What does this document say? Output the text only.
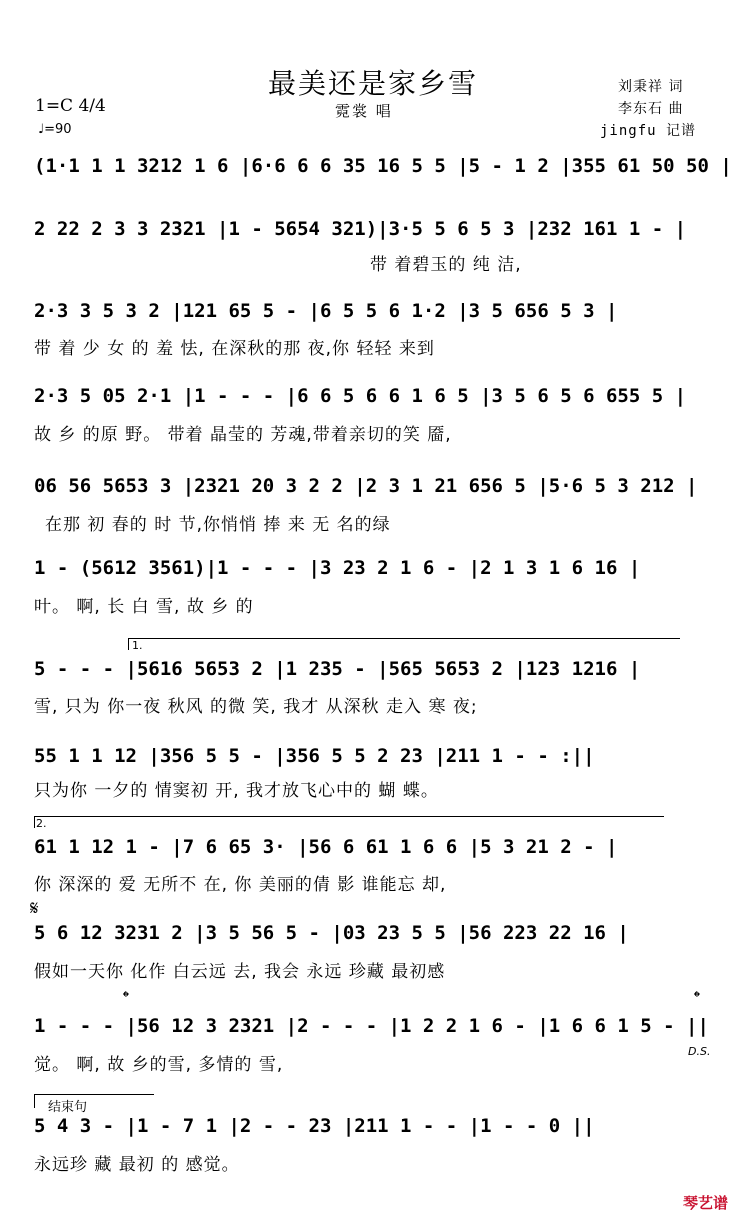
最美还是家乡雪
霓裳 唱
刘秉祥 词
李东石 曲
jingfu 记谱
1=C 4/4
♩=90
(1·1 1 1 3212 1 6 |6·6 6 6 35 16 5 5 |5 - 1 2 |355 61 50 50 |
2 22 2 3 3 2321 |1 - 5654 321)|3·5 5 6 5 3 |232 161 1 - |
带 着碧玉的 纯 洁,
2·3 3 5 3 2 |121 65 5 - |6 5 5 6 1·2 |3 5 656 5 3 |
带 着 少 女 的 羞 怯, 在深秋的那 夜,你 轻轻 来到
2·3 5 05 2·1 |1 - - - |6 6 5 6 6 1 6 5 |3 5 6 5 6 655 5 |
故 乡 的原 野。 带着 晶莹的 芳魂,带着亲切的笑 靥,
06 56 5653 3 |2321 20 3 2 2 |2 3 1 21 656 5 |5·6 5 3 212 |
在那 初 春的 时 节,你悄悄 捧 来 无 名的绿
1 - (5612 3561)|1 - - - |3 23 2 1 6 - |2 1 3 1 6 16 |
叶。 啊, 长 白 雪, 故 乡 的
1.
5 - - - |5616 5653 2 |1 235 - |565 5653 2 |123 1216 |
雪, 只为 你一夜 秋风 的微 笑, 我才 从深秋 走入 寒 夜;
55 1 1 12 |356 5 5 - |356 5 5 2 23 |211 1 - - :||
只为你 一夕的 情窦初 开, 我才放飞心中的 蝴 蝶。
2.
61 1 12 1 - |7 6 65 3· |56 6 61 1 6 6 |5 3 21 2 - |
你 深深的 爱 无所不 在, 你 美丽的倩 影 谁能忘 却,
𝄋
5 6 12 3231 2 |3 5 56 5 - |03 23 5 5 |56 223 22 16 |
假如一天你 化作 白云远 去, 我会 永远 珍藏 最初感
𝄌	𝄌
1 - - - |56 12 3 2321 |2 - - - |1 2 2 1 6 - |1 6 6 1 5 - ||
D.S.
觉。 啊, 故 乡的雪, 多情的 雪,
结束句
5 4 3 - |1 - 7 1 |2 - - 23 |211 1 - - |1 - - 0 ||
永远珍 藏 最初 的 感觉。
琴艺谱
